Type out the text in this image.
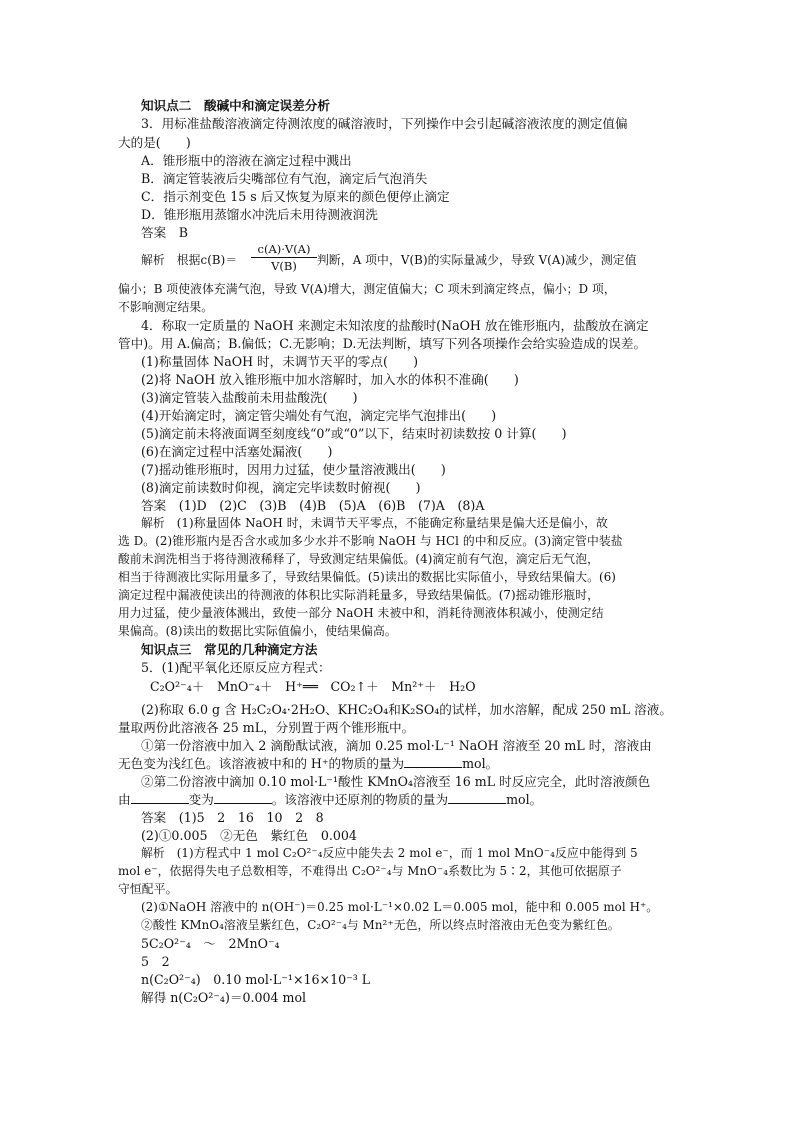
知识点二　酸碱中和滴定误差分析
3．用标准盐酸溶液滴定待测浓度的碱溶液时，下列操作中会引起碱溶液浓度的测定值偏
大的是(　　)
A．锥形瓶中的溶液在滴定过程中溅出
B．滴定管装液后尖嘴部位有气泡，滴定后气泡消失
C．指示剂变色 15 s 后又恢复为原来的颜色便停止滴定
D．锥形瓶用蒸馏水冲洗后未用待测液润洗
答案　B
解析　根据c(B)＝
c(A)·V(A)
V(B)	判断，A 项中，V(B)的实际量减少，导致 V(A)减少，测定值
偏小；B 项使液体充满气泡，导致 V(A)增大，测定值偏大；C 项未到滴定终点，偏小；D 项，
不影响测定结果。
4．称取一定质量的 NaOH 来测定未知浓度的盐酸时(NaOH 放在锥形瓶内，盐酸放在滴定
管中)。用 A.偏高；B.偏低；C.无影响；D.无法判断，填写下列各项操作会给实验造成的误差。
(1)称量固体 NaOH 时，未调节天平的零点(　　)
(2)将 NaOH 放入锥形瓶中加水溶解时，加入水的体积不准确(　　)
(3)滴定管装入盐酸前未用盐酸洗(　　)
(4)开始滴定时，滴定管尖端处有气泡，滴定完毕气泡排出(　　)
(5)滴定前未将液面调至刻度线“0”或“0”以下，结束时初读数按 0 计算(　　)
(6)在滴定过程中活塞处漏液(　　)
(7)摇动锥形瓶时，因用力过猛，使少量溶液溅出(　　)
(8)滴定前读数时仰视，滴定完毕读数时俯视(　　)
答案　(1)D　(2)C　(3)B　(4)B　(5)A　(6)B　(7)A　(8)A
解析　(1)称量固体 NaOH 时，未调节天平零点，不能确定称量结果是偏大还是偏小，故
选 D。(2)锥形瓶内是否含水或加多少水并不影响 NaOH 与 HCl 的中和反应。(3)滴定管中装盐
酸前未润洗相当于将待测液稀释了，导致测定结果偏低。(4)滴定前有气泡，滴定后无气泡，
相当于待测液比实际用量多了，导致结果偏低。(5)读出的数据比实际值小，导致结果偏大。(6)
滴定过程中漏液使读出的待测液的体积比实际消耗量多，导致结果偏低。(7)摇动锥形瓶时，
用力过猛，使少量液体溅出，致使一部分 NaOH 未被中和，消耗待测液体积减小，使测定结
果偏高。(8)读出的数据比实际值偏小，使结果偏高。
知识点三　常见的几种滴定方法
5．(1)配平氧化还原反应方程式：
C₂O²⁻₄＋　MnO⁻₄＋　H⁺══　CO₂↑＋　Mn²⁺＋　H₂O
(2)称取 6.0 g 含 H₂C₂O₄·2H₂O、KHC₂O₄和K₂SO₄的试样，加水溶解，配成 250 mL 溶液。
量取两份此溶液各 25 mL，分别置于两个锥形瓶中。
①第一份溶液中加入 2 滴酚酞试液，滴加 0.25 mol·L⁻¹ NaOH 溶液至 20 mL 时，溶液由
无色变为浅红色。该溶液被中和的 H⁺的物质的量为	mol。
②第二份溶液中滴加 0.10 mol·L⁻¹酸性 KMnO₄溶液至 16 mL 时反应完全，此时溶液颜色
由	变为	。该溶液中还原剂的物质的量为	mol。
答案　(1)5　2　16　10　2　8
(2)①0.005　②无色　紫红色　0.004
解析　(1)方程式中 1 mol C₂O²⁻₄反应中能失去 2 mol e⁻，而 1 mol MnO⁻₄反应中能得到 5
mol e⁻，依据得失电子总数相等，不难得出 C₂O²⁻₄与 MnO⁻₄系数比为 5∶2，其他可依据原子
守恒配平。
(2)①NaOH 溶液中的 n(OH⁻)＝0.25 mol·L⁻¹×0.02 L＝0.005 mol，能中和 0.005 mol H⁺。
②酸性 KMnO₄溶液呈紫红色，C₂O²⁻₄与 Mn²⁺无色，所以终点时溶液由无色变为紫红色。
5C₂O²⁻₄　～　2MnO⁻₄
5　2
n(C₂O²⁻₄)　0.10 mol·L⁻¹×16×10⁻³ L
解得 n(C₂O²⁻₄)＝0.004 mol
